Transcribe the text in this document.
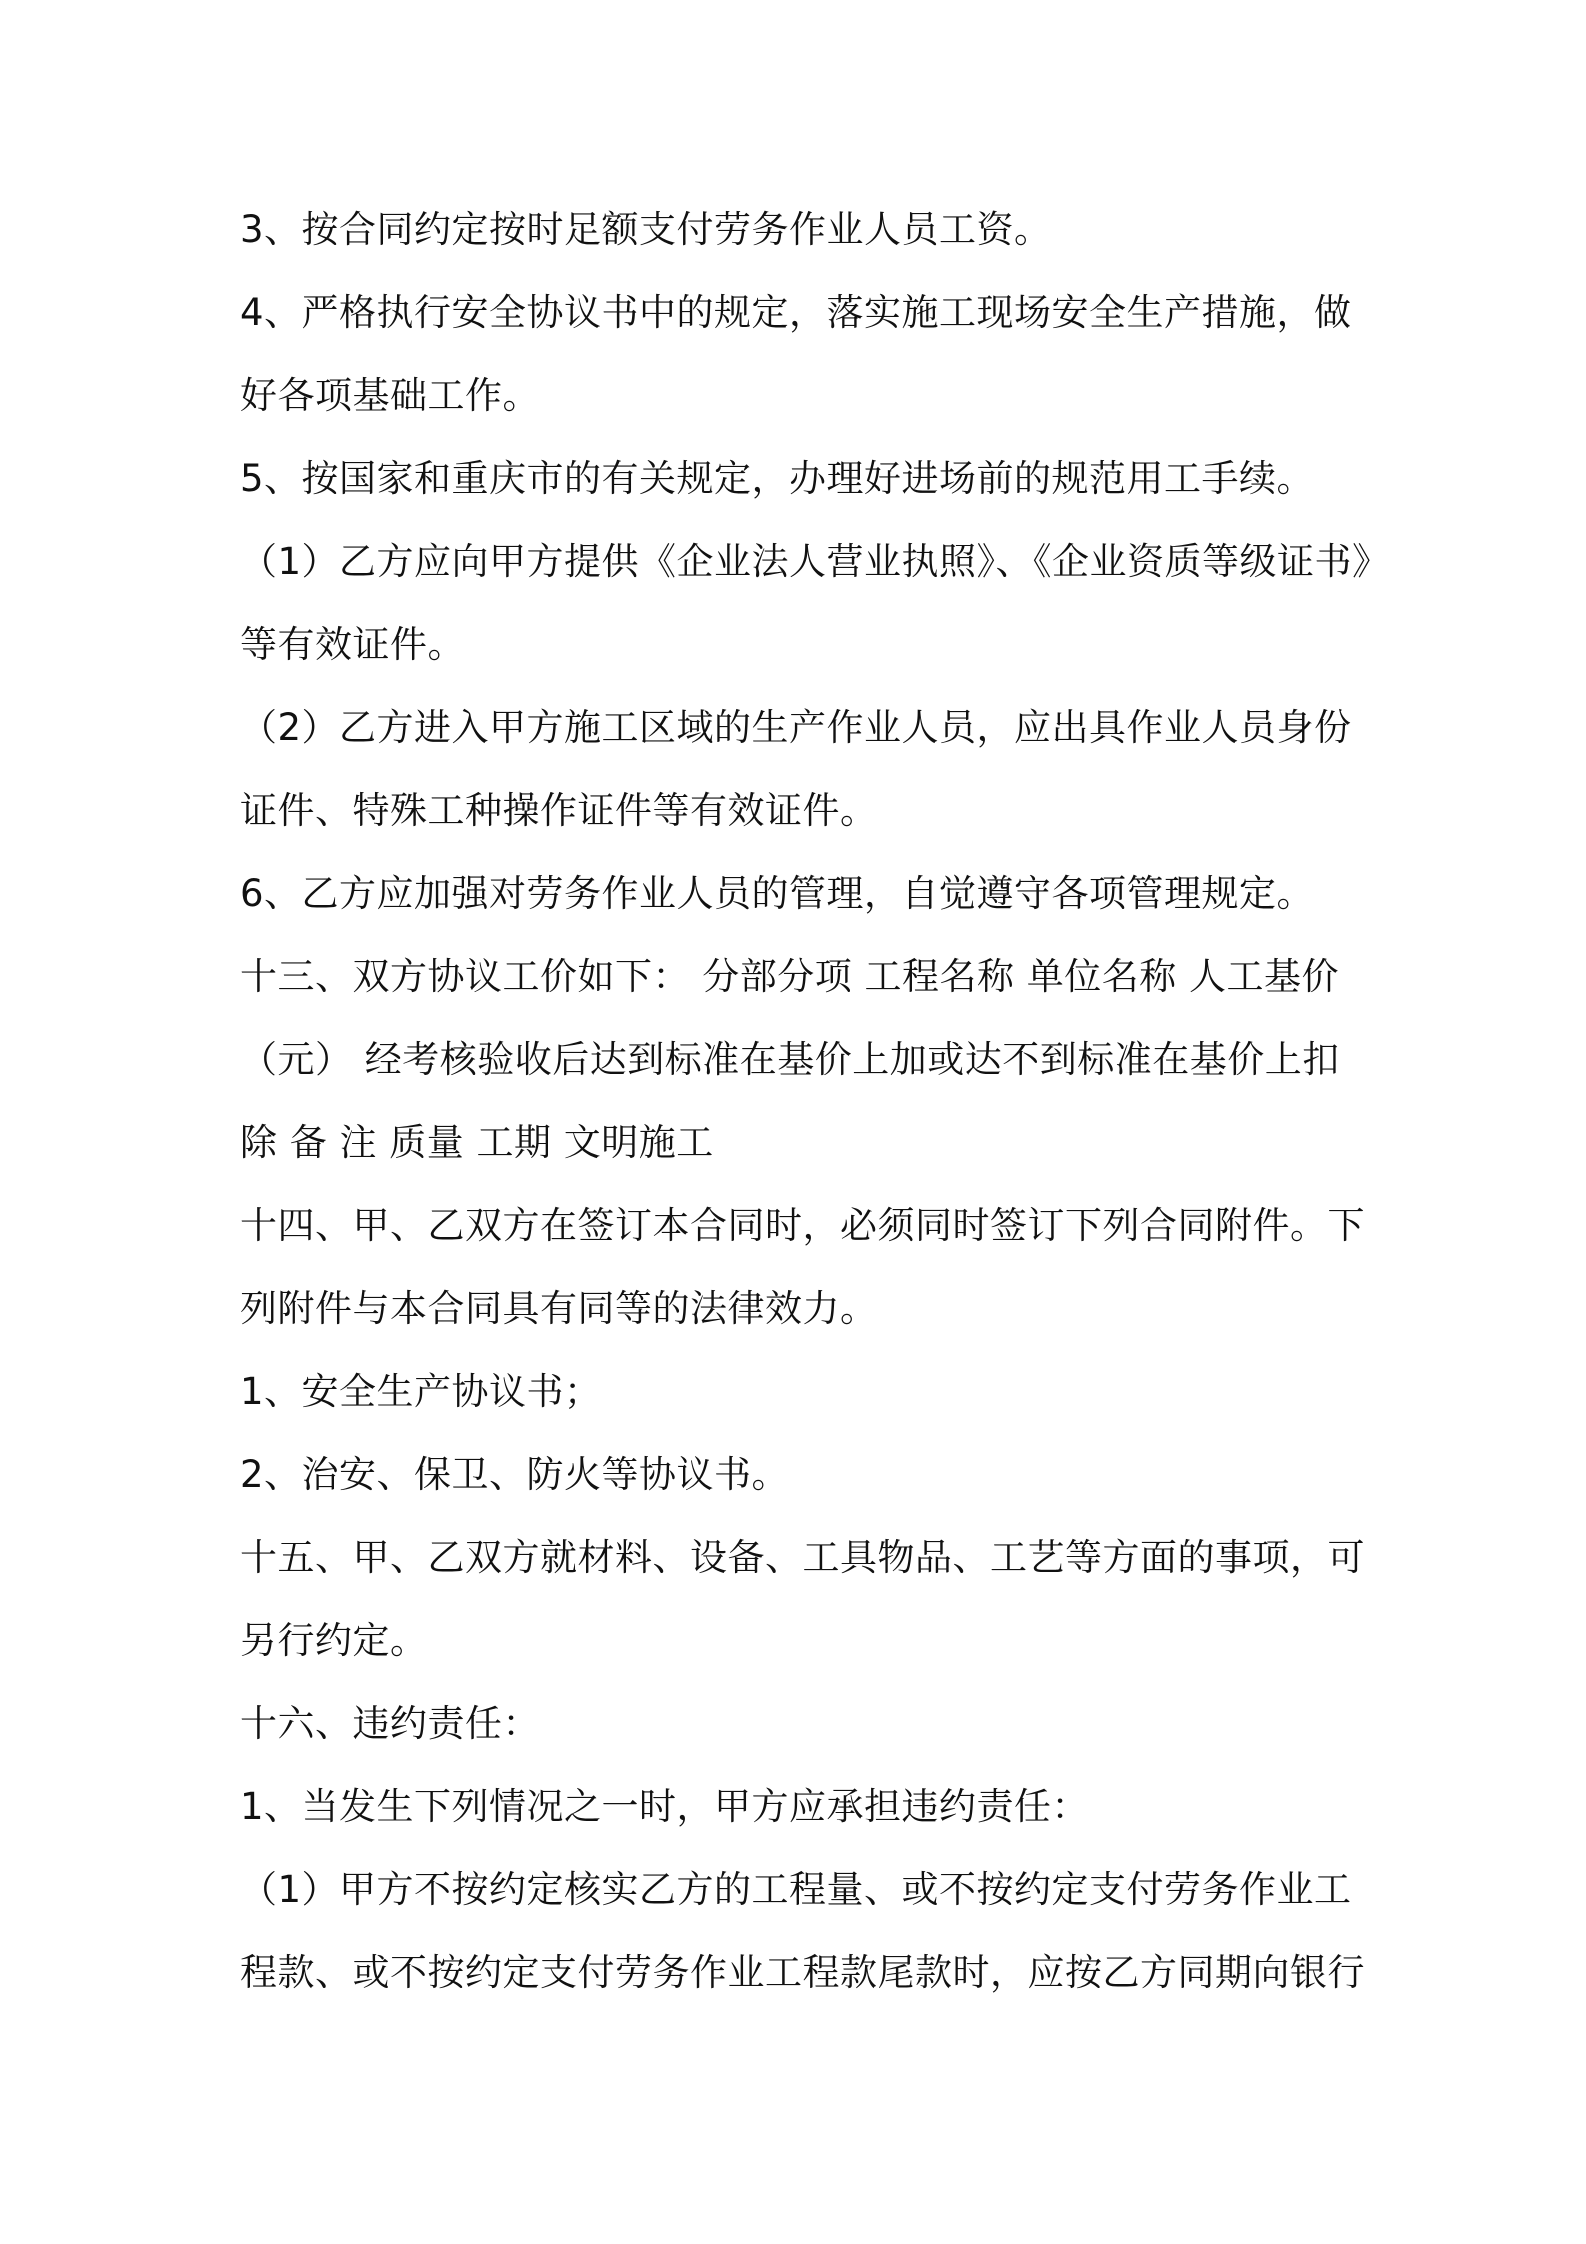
3、按合同约定按时足额支付劳务作业人员工资。
4、严格执行安全协议书中的规定，落实施工现场安全生产措施，做
好各项基础工作。
5、按国家和重庆市的有关规定，办理好进场前的规范用工手续。
（1）乙方应向甲方提供《企业法人营业执照》、《企业资质等级证书》
等有效证件。
（2）乙方进入甲方施工区域的生产作业人员，应出具作业人员身份
证件、特殊工种操作证件等有效证件。
6、乙方应加强对劳务作业人员的管理，自觉遵守各项管理规定。
十三、双方协议工价如下： 分部分项 工程名称 单位名称 人工基价
（元） 经考核验收后达到标准在基价上加或达不到标准在基价上扣
除 备 注 质量 工期 文明施工
十四、甲、乙双方在签订本合同时，必须同时签订下列合同附件。下
列附件与本合同具有同等的法律效力。
1、安全生产协议书；
2、治安、保卫、防火等协议书。
十五、甲、乙双方就材料、设备、工具物品、工艺等方面的事项，可
另行约定。
十六、违约责任：
1、当发生下列情况之一时，甲方应承担违约责任：
（1）甲方不按约定核实乙方的工程量、或不按约定支付劳务作业工
程款、或不按约定支付劳务作业工程款尾款时，应按乙方同期向银行
